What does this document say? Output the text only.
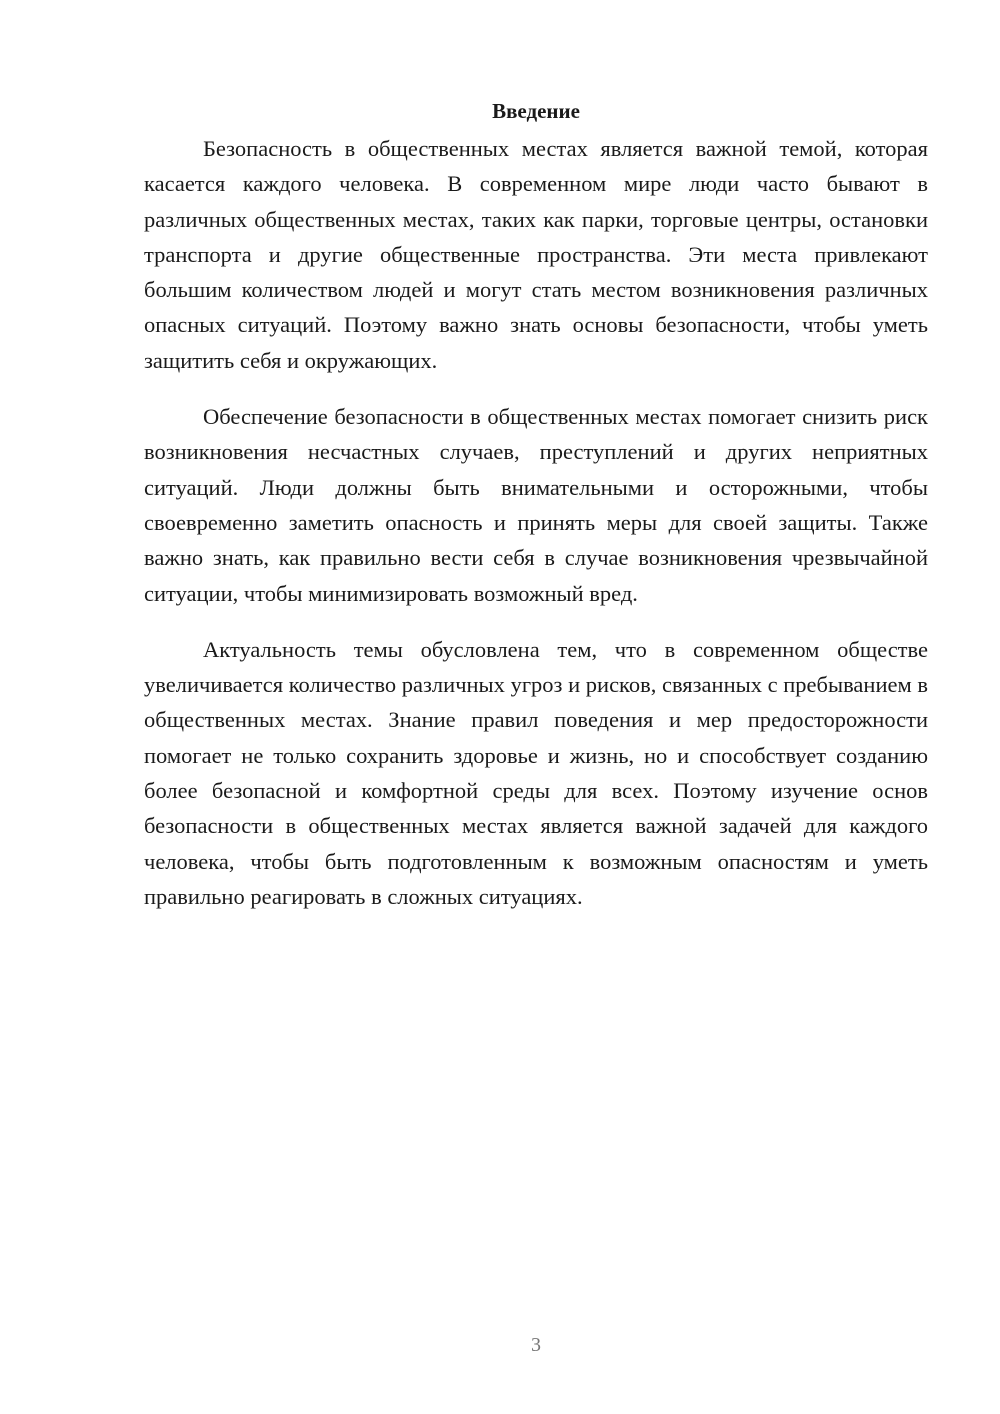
Введение

Безопасность в общественных местах является важной темой, которая касается каждого человека. В современном мире люди часто бывают в различных общественных местах, таких как парки, торговые центры, остановки транспорта и другие общественные пространства. Эти места привлекают большим количеством людей и могут стать местом возникновения различных опасных ситуаций. Поэтому важно знать основы безопасности, чтобы уметь защитить себя и окружающих.

Обеспечение безопасности в общественных местах помогает снизить риск возникновения несчастных случаев, преступлений и других неприятных ситуаций. Люди должны быть внимательными и осторожными, чтобы своевременно заметить опасность и принять меры для своей защиты. Также важно знать, как правильно вести себя в случае возникновения чрезвычайной ситуации, чтобы минимизировать возможный вред.

Актуальность темы обусловлена тем, что в современном обществе увеличивается количество различных угроз и рисков, связанных с пребыванием в общественных местах. Знание правил поведения и мер предосторожности помогает не только сохранить здоровье и жизнь, но и способствует созданию более безопасной и комфортной среды для всех. Поэтому изучение основ безопасности в общественных местах является важной задачей для каждого человека, чтобы быть подготовленным к возможным опасностям и уметь правильно реагировать в сложных ситуациях.

3
